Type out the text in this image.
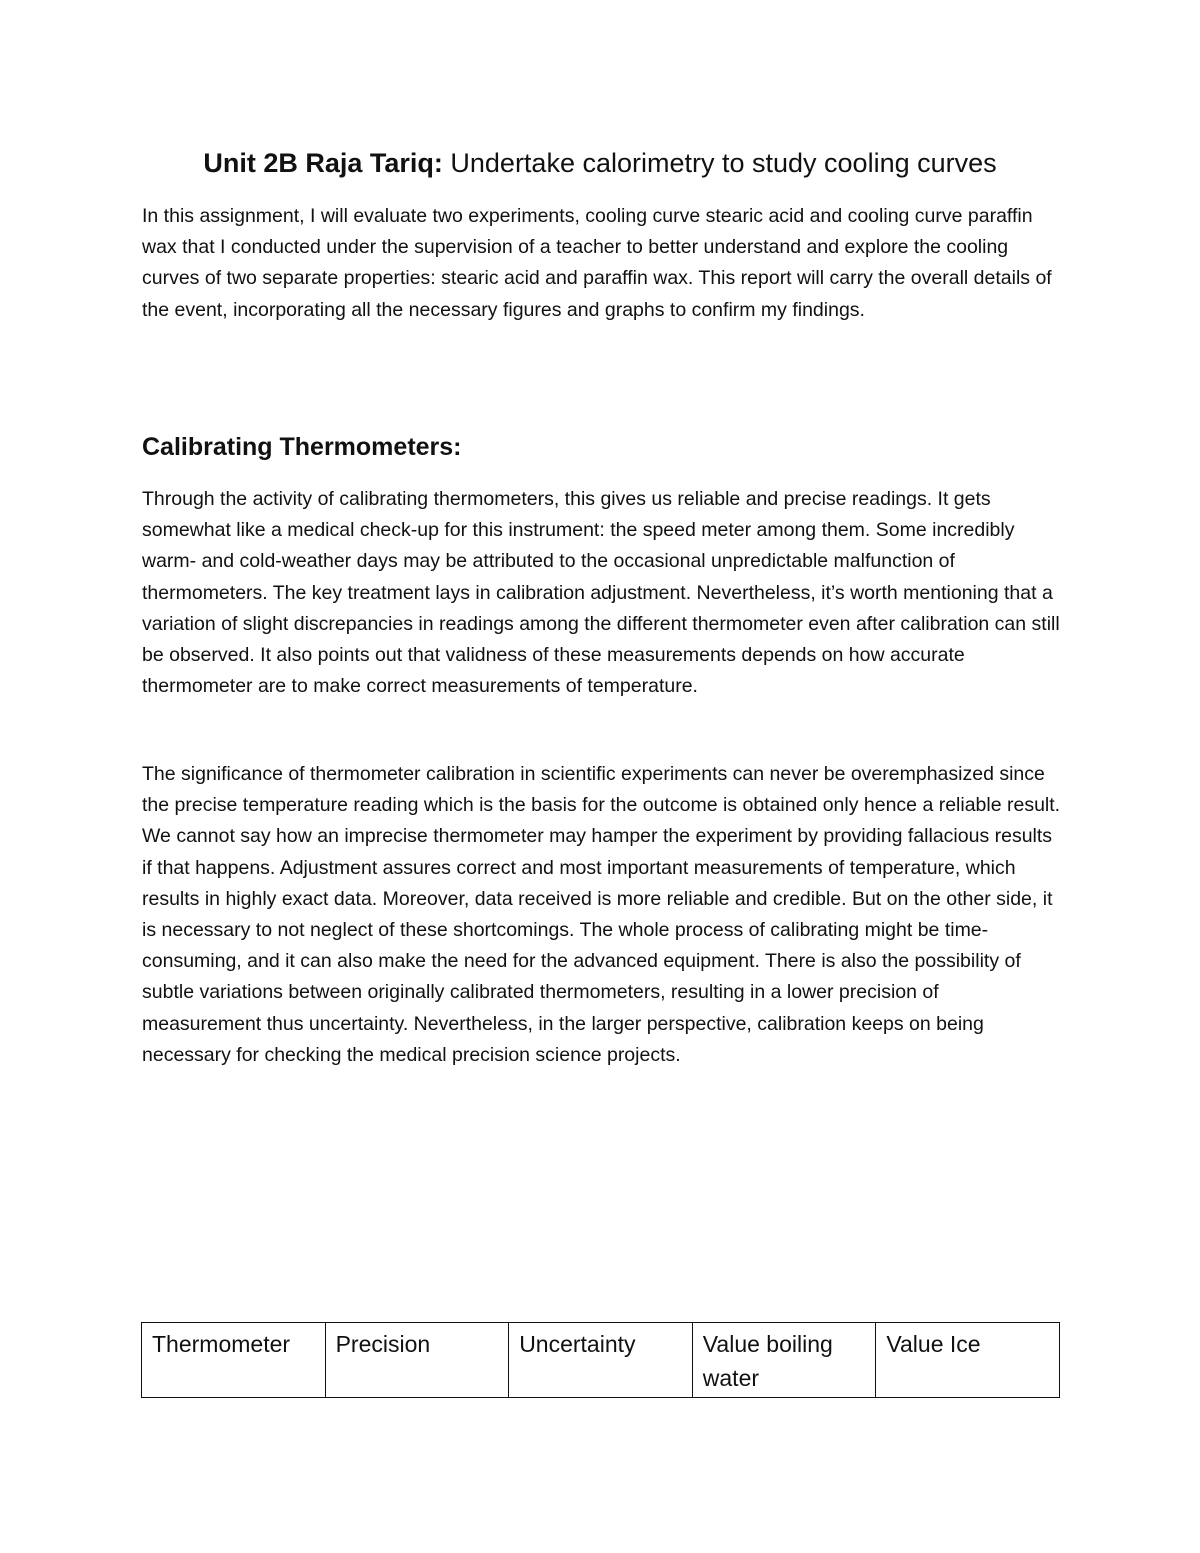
Unit 2B Raja Tariq: Undertake calorimetry to study cooling curves

In this assignment, I will evaluate two experiments, cooling curve stearic acid and cooling curve paraffin wax that I conducted under the supervision of a teacher to better understand and explore the cooling curves of two separate properties: stearic acid and paraffin wax. This report will carry the overall details of the event, incorporating all the necessary figures and graphs to confirm my findings.

Calibrating Thermometers:

Through the activity of calibrating thermometers, this gives us reliable and precise readings. It gets somewhat like a medical check-up for this instrument: the speed meter among them. Some incredibly warm- and cold-weather days may be attributed to the occasional unpredictable malfunction of thermometers. The key treatment lays in calibration adjustment. Nevertheless, it’s worth mentioning that a variation of slight discrepancies in readings among the different thermometer even after calibration can still be observed. It also points out that validness of these measurements depends on how accurate thermometer are to make correct measurements of temperature.

The significance of thermometer calibration in scientific experiments can never be overemphasized since the precise temperature reading which is the basis for the outcome is obtained only hence a reliable result. We cannot say how an imprecise thermometer may hamper the experiment by providing fallacious results if that happens. Adjustment assures correct and most important measurements of temperature, which results in highly exact data. Moreover, data received is more reliable and credible. But on the other side, it is necessary to not neglect of these shortcomings. The whole process of calibrating might be time-consuming, and it can also make the need for the advanced equipment. There is also the possibility of subtle variations between originally calibrated thermometers, resulting in a lower precision of measurement thus uncertainty. Nevertheless, in the larger perspective, calibration keeps on being necessary for checking the medical precision science projects.

Thermometer	Precision	Uncertainty	Value boiling water	Value Ice
